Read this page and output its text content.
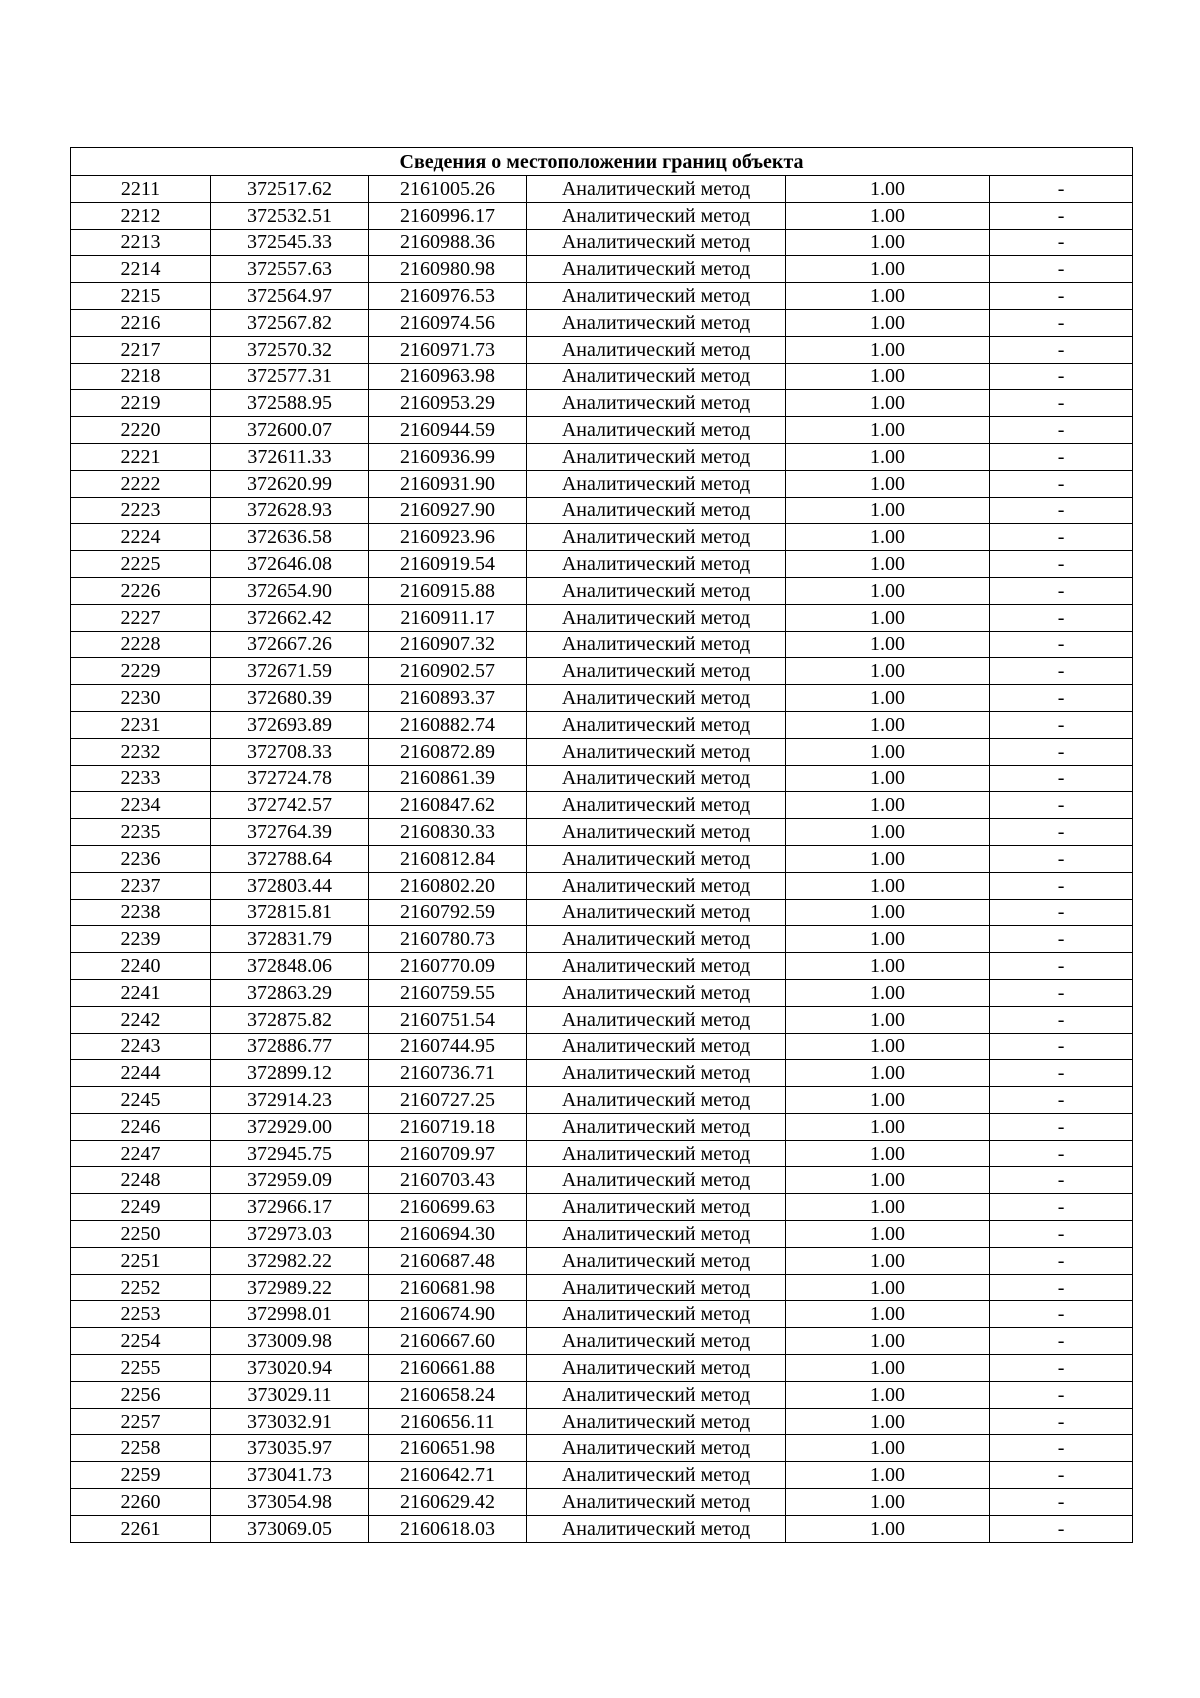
Сведения о местоположении границ объекта					
2211	372517.62	2161005.26	Аналитический метод	1.00	-
2212	372532.51	2160996.17	Аналитический метод	1.00	-
2213	372545.33	2160988.36	Аналитический метод	1.00	-
2214	372557.63	2160980.98	Аналитический метод	1.00	-
2215	372564.97	2160976.53	Аналитический метод	1.00	-
2216	372567.82	2160974.56	Аналитический метод	1.00	-
2217	372570.32	2160971.73	Аналитический метод	1.00	-
2218	372577.31	2160963.98	Аналитический метод	1.00	-
2219	372588.95	2160953.29	Аналитический метод	1.00	-
2220	372600.07	2160944.59	Аналитический метод	1.00	-
2221	372611.33	2160936.99	Аналитический метод	1.00	-
2222	372620.99	2160931.90	Аналитический метод	1.00	-
2223	372628.93	2160927.90	Аналитический метод	1.00	-
2224	372636.58	2160923.96	Аналитический метод	1.00	-
2225	372646.08	2160919.54	Аналитический метод	1.00	-
2226	372654.90	2160915.88	Аналитический метод	1.00	-
2227	372662.42	2160911.17	Аналитический метод	1.00	-
2228	372667.26	2160907.32	Аналитический метод	1.00	-
2229	372671.59	2160902.57	Аналитический метод	1.00	-
2230	372680.39	2160893.37	Аналитический метод	1.00	-
2231	372693.89	2160882.74	Аналитический метод	1.00	-
2232	372708.33	2160872.89	Аналитический метод	1.00	-
2233	372724.78	2160861.39	Аналитический метод	1.00	-
2234	372742.57	2160847.62	Аналитический метод	1.00	-
2235	372764.39	2160830.33	Аналитический метод	1.00	-
2236	372788.64	2160812.84	Аналитический метод	1.00	-
2237	372803.44	2160802.20	Аналитический метод	1.00	-
2238	372815.81	2160792.59	Аналитический метод	1.00	-
2239	372831.79	2160780.73	Аналитический метод	1.00	-
2240	372848.06	2160770.09	Аналитический метод	1.00	-
2241	372863.29	2160759.55	Аналитический метод	1.00	-
2242	372875.82	2160751.54	Аналитический метод	1.00	-
2243	372886.77	2160744.95	Аналитический метод	1.00	-
2244	372899.12	2160736.71	Аналитический метод	1.00	-
2245	372914.23	2160727.25	Аналитический метод	1.00	-
2246	372929.00	2160719.18	Аналитический метод	1.00	-
2247	372945.75	2160709.97	Аналитический метод	1.00	-
2248	372959.09	2160703.43	Аналитический метод	1.00	-
2249	372966.17	2160699.63	Аналитический метод	1.00	-
2250	372973.03	2160694.30	Аналитический метод	1.00	-
2251	372982.22	2160687.48	Аналитический метод	1.00	-
2252	372989.22	2160681.98	Аналитический метод	1.00	-
2253	372998.01	2160674.90	Аналитический метод	1.00	-
2254	373009.98	2160667.60	Аналитический метод	1.00	-
2255	373020.94	2160661.88	Аналитический метод	1.00	-
2256	373029.11	2160658.24	Аналитический метод	1.00	-
2257	373032.91	2160656.11	Аналитический метод	1.00	-
2258	373035.97	2160651.98	Аналитический метод	1.00	-
2259	373041.73	2160642.71	Аналитический метод	1.00	-
2260	373054.98	2160629.42	Аналитический метод	1.00	-
2261	373069.05	2160618.03	Аналитический метод	1.00	-
